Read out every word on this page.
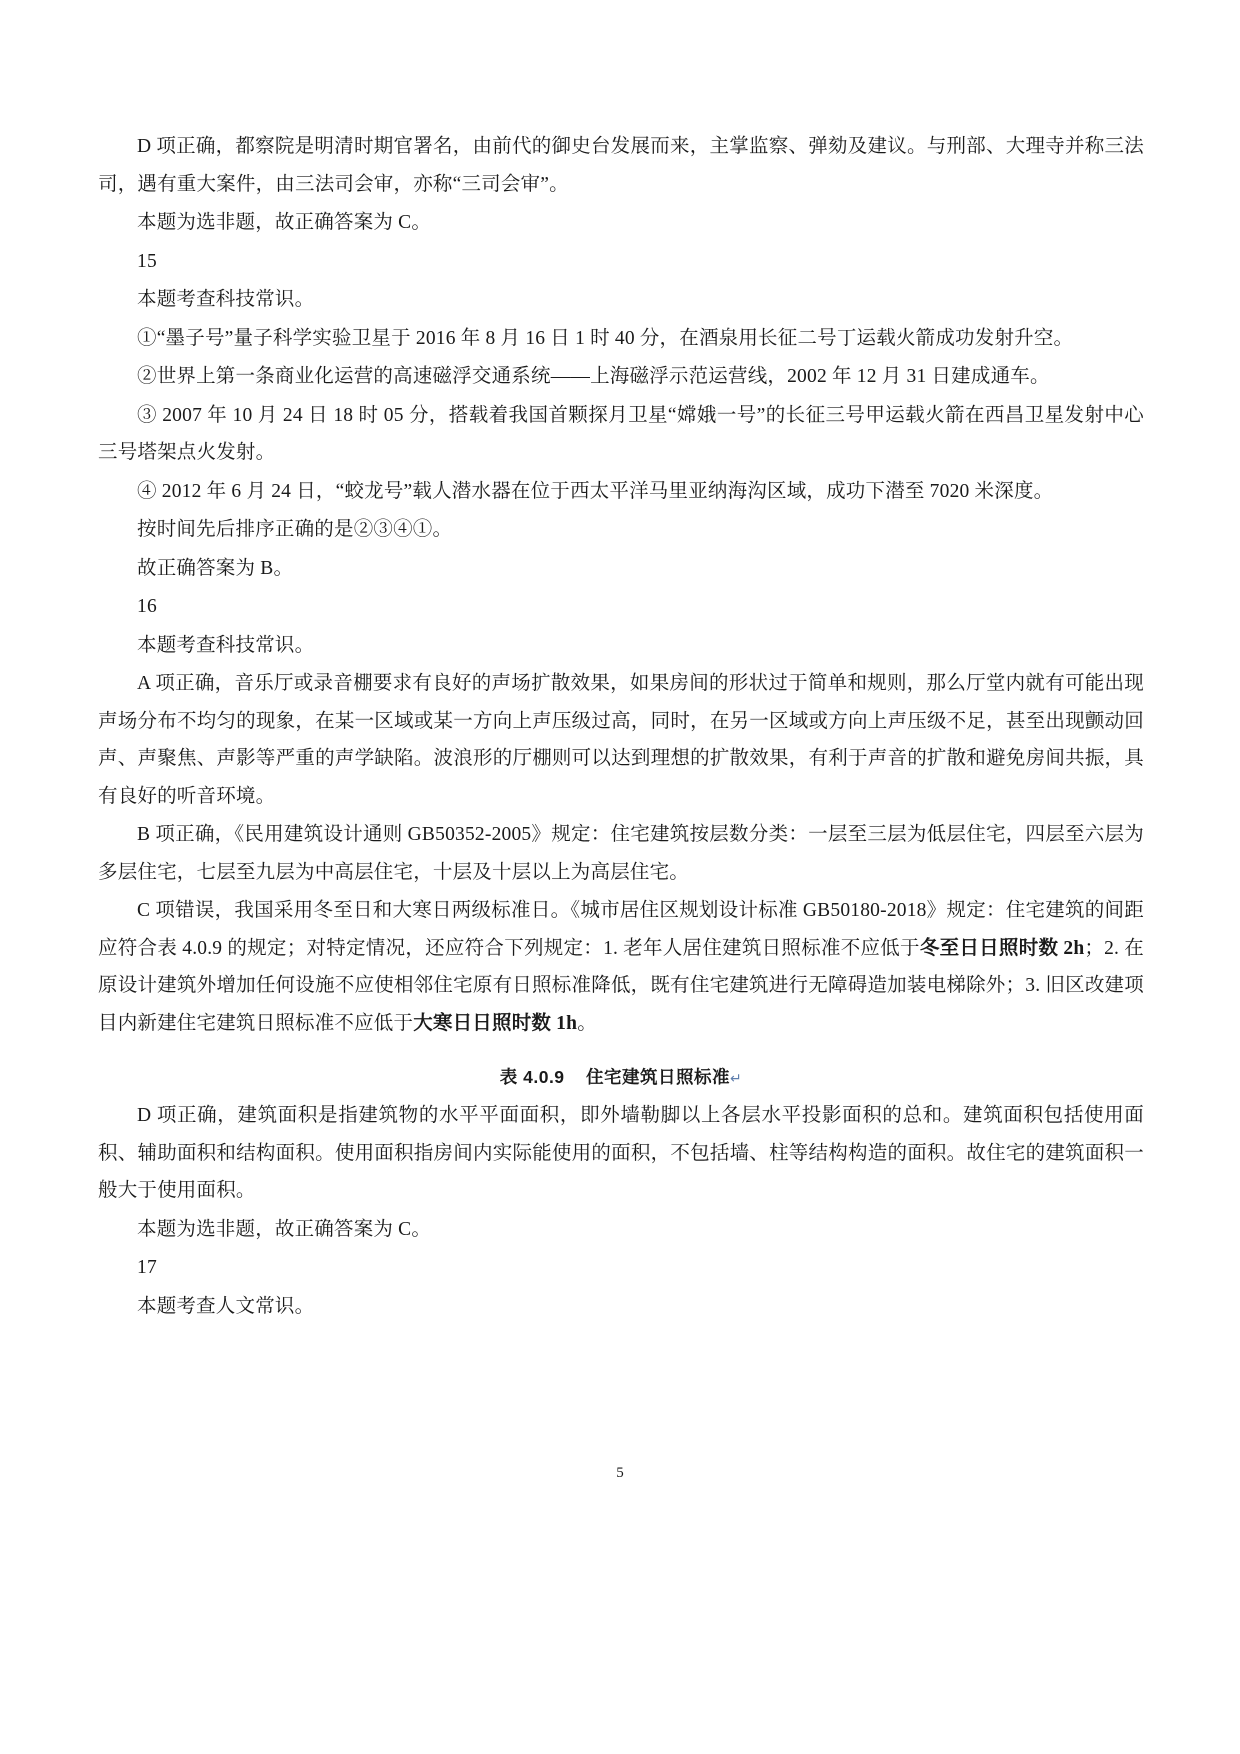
D 项正确，都察院是明清时期官署名，由前代的御史台发展而来，主掌监察、弹劾及建议。与刑部、大理寺并称三法司，遇有重大案件，由三法司会审，亦称“三司会审”。

本题为选非题，故正确答案为 C。

15

本题考查科技常识。

①“墨子号”量子科学实验卫星于 2016 年 8 月 16 日 1 时 40 分，在酒泉用长征二号丁运载火箭成功发射升空。

②世界上第一条商业化运营的高速磁浮交通系统——上海磁浮示范运营线，2002 年 12 月 31 日建成通车。

③ 2007 年 10 月 24 日 18 时 05 分，搭载着我国首颗探月卫星“嫦娥一号”的长征三号甲运载火箭在西昌卫星发射中心三号塔架点火发射。

④ 2012 年 6 月 24 日，“蛟龙号”载人潜水器在位于西太平洋马里亚纳海沟区域，成功下潜至 7020 米深度。

按时间先后排序正确的是②③④①。

故正确答案为 B。

16

本题考查科技常识。

A 项正确，音乐厅或录音棚要求有良好的声场扩散效果，如果房间的形状过于简单和规则，那么厅堂内就有可能出现声场分布不均匀的现象，在某一区域或某一方向上声压级过高，同时，在另一区域或方向上声压级不足，甚至出现颤动回声、声聚焦、声影等严重的声学缺陷。波浪形的厅棚则可以达到理想的扩散效果，有利于声音的扩散和避免房间共振，具有良好的听音环境。

B 项正确，《民用建筑设计通则 GB50352-2005》规定：住宅建筑按层数分类：一层至三层为低层住宅，四层至六层为多层住宅，七层至九层为中高层住宅，十层及十层以上为高层住宅。

C 项错误，我国采用冬至日和大寒日两级标准日。《城市居住区规划设计标准 GB50180-2018》规定：住宅建筑的间距应符合表 4.0.9 的规定；对特定情况，还应符合下列规定：1. 老年人居住建筑日照标准不应低于冬至日日照时数 2h；2. 在原设计建筑外增加任何设施不应使相邻住宅原有日照标准降低，既有住宅建筑进行无障碍造加装电梯除外；3. 旧区改建项目内新建住宅建筑日照标准不应低于大寒日日照时数 1h。

表 4.0.9 住宅建筑日照标准↵

D 项正确，建筑面积是指建筑物的水平平面面积，即外墙勒脚以上各层水平投影面积的总和。建筑面积包括使用面积、辅助面积和结构面积。使用面积指房间内实际能使用的面积，不包括墙、柱等结构构造的面积。故住宅的建筑面积一般大于使用面积。

本题为选非题，故正确答案为 C。

17

本题考查人文常识。

5
